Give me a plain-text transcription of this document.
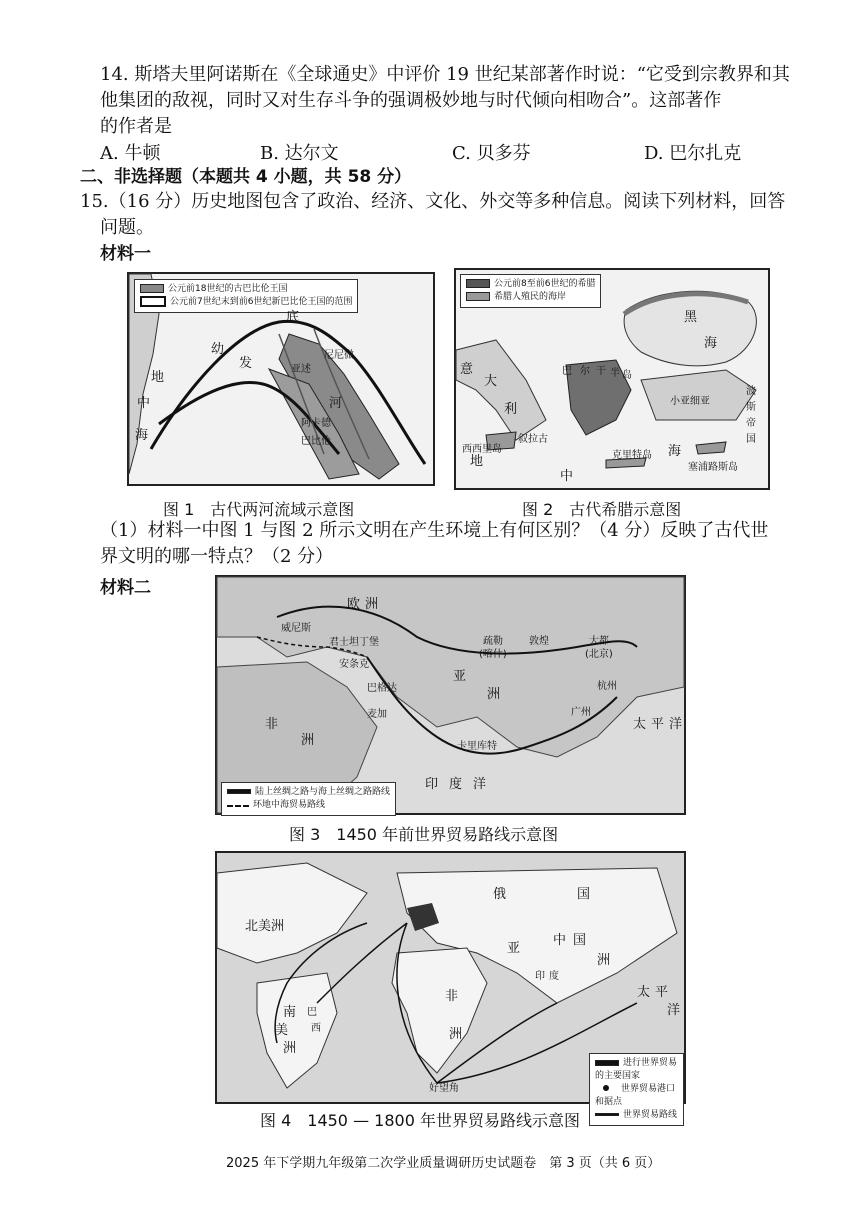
14. 斯塔夫里阿诺斯在《全球通史》中评价 19 世纪某部著作时说：“它受到宗教界和其
他集团的敌视，同时又对生存斗争的强调极妙地与时代倾向相吻合”。这部著作
的作者是
A. 牛顿	B. 达尔文	C. 贝多芬	D. 巴尔扎克
二、非选择题（本题共 4 小题，共 58 分）
15.（16 分）历史地图包含了政治、经济、文化、外交等多种信息。阅读下列材料，回答
问题。
材料一
公元前18世纪的古巴比伦王国
公元前7世纪末到前6世纪新巴比伦王国的范围
地
中
海
幼
发
底
亚述
尼尼微
阿卡德
巴比伦
河
图 1　古代两河流域示意图
公元前8至前6世纪的希腊
希腊人殖民的海岸
黑
海
意
大
利
巴 尔 干 半 岛
小亚细亚
波
斯
帝
国
西西里岛
叙拉古
克里特岛
塞浦路斯岛
地
中
海
图 2　古代希腊示意图
（1）材料一中图 1 与图 2 所示文明在产生环境上有何区别？（4 分）反映了古代世
界文明的哪一特点？（2 分）
材料二
陆上丝绸之路与海上丝绸之路路线
环地中海贸易路线
欧 洲
威尼斯
君士坦丁堡
安条克
巴格达
麦加
疏勒
(喀什)
敦煌	大都
(北京)
亚
洲
杭州
广州
卡里库特
非
洲
印 度 洋
太 平 洋
图 3　1450 年前世界贸易路线示意图
进行世界贸易的主要国家
世界贸易港口和据点
世界贸易路线
北美洲
南
美
洲
巴
西
俄	国
中 国
亚
洲
印 度
非
洲
好望角
太 平
洋
图 4　1450 — 1800 年世界贸易路线示意图
2025 年下学期九年级第二次学业质量调研历史试题卷　第 3 页（共 6 页）
